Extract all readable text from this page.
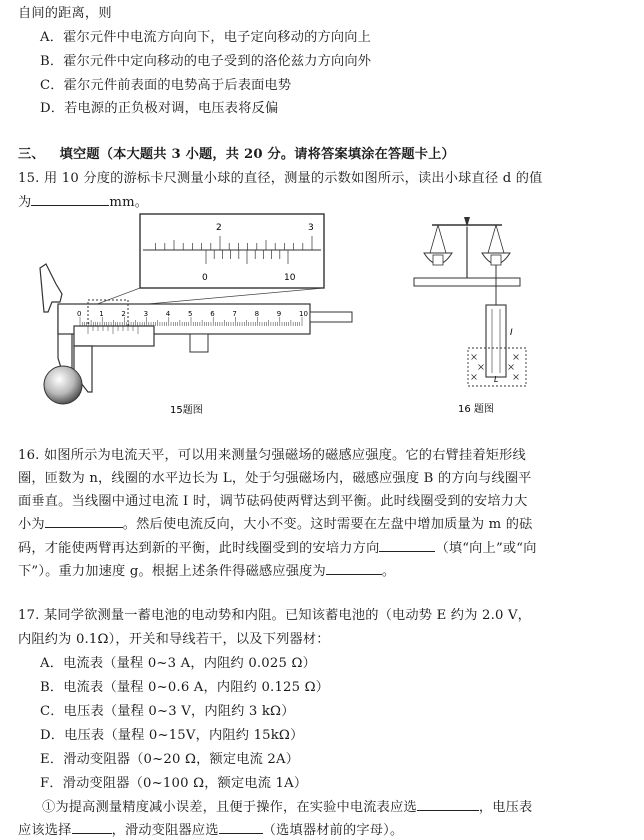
自间的距离，则
A．霍尔元件中电流方向向下，电子定向移动的方向向上
B．霍尔元件中定向移动的电子受到的洛伦兹力方向向外
C．霍尔元件前表面的电势高于后表面电势
D．若电源的正负极对调，电压表将反偏
三、 填空题（本大题共 3 小题，共 20 分。请将答案填涂在答题卡上）
15. 用 10 分度的游标卡尺测量小球的直径，测量的示数如图所示，读出小球直径 d 的值
为	mm。
2	3
0	10
0	1	2	3	4	5	6	7	8	9	10
15题图
I
L
16 题图
16. 如图所示为电流天平，可以用来测量匀强磁场的磁感应强度。它的右臂挂着矩形线
圈，匝数为 n，线圈的水平边长为 L，处于匀强磁场内，磁感应强度 B 的方向与线圈平
面垂直。当线圈中通过电流 I 时，调节砝码使两臂达到平衡。此时线圈受到的安培力大
小为	。然后使电流反向，大小不变。这时需要在左盘中增加质量为 m 的砝
码，才能使两臂再达到新的平衡，此时线圈受到的安培力方向	（填“向上”或“向
下”）。重力加速度 g。根据上述条件得磁感应强度为	。
17. 某同学欲测量一蓄电池的电动势和内阻。已知该蓄电池的（电动势 E 约为 2.0 V，
内阻约为 0.1Ω），开关和导线若干，以及下列器材：
A．电流表（量程 0~3 A，内阻约 0.025 Ω）
B．电流表（量程 0~0.6 A，内阻约 0.125 Ω）
C．电压表（量程 0~3 V，内阻约 3 kΩ）
D．电压表（量程 0~15V，内阻约 15kΩ）
E．滑动变阻器（0~20 Ω，额定电流 2A）
F．滑动变阻器（0~100 Ω，额定电流 1A）
①为提高测量精度减小误差，且便于操作，在实验中电流表应选	，电压表
应该选择	，滑动变阻器应选	（选填器材前的字母）。
